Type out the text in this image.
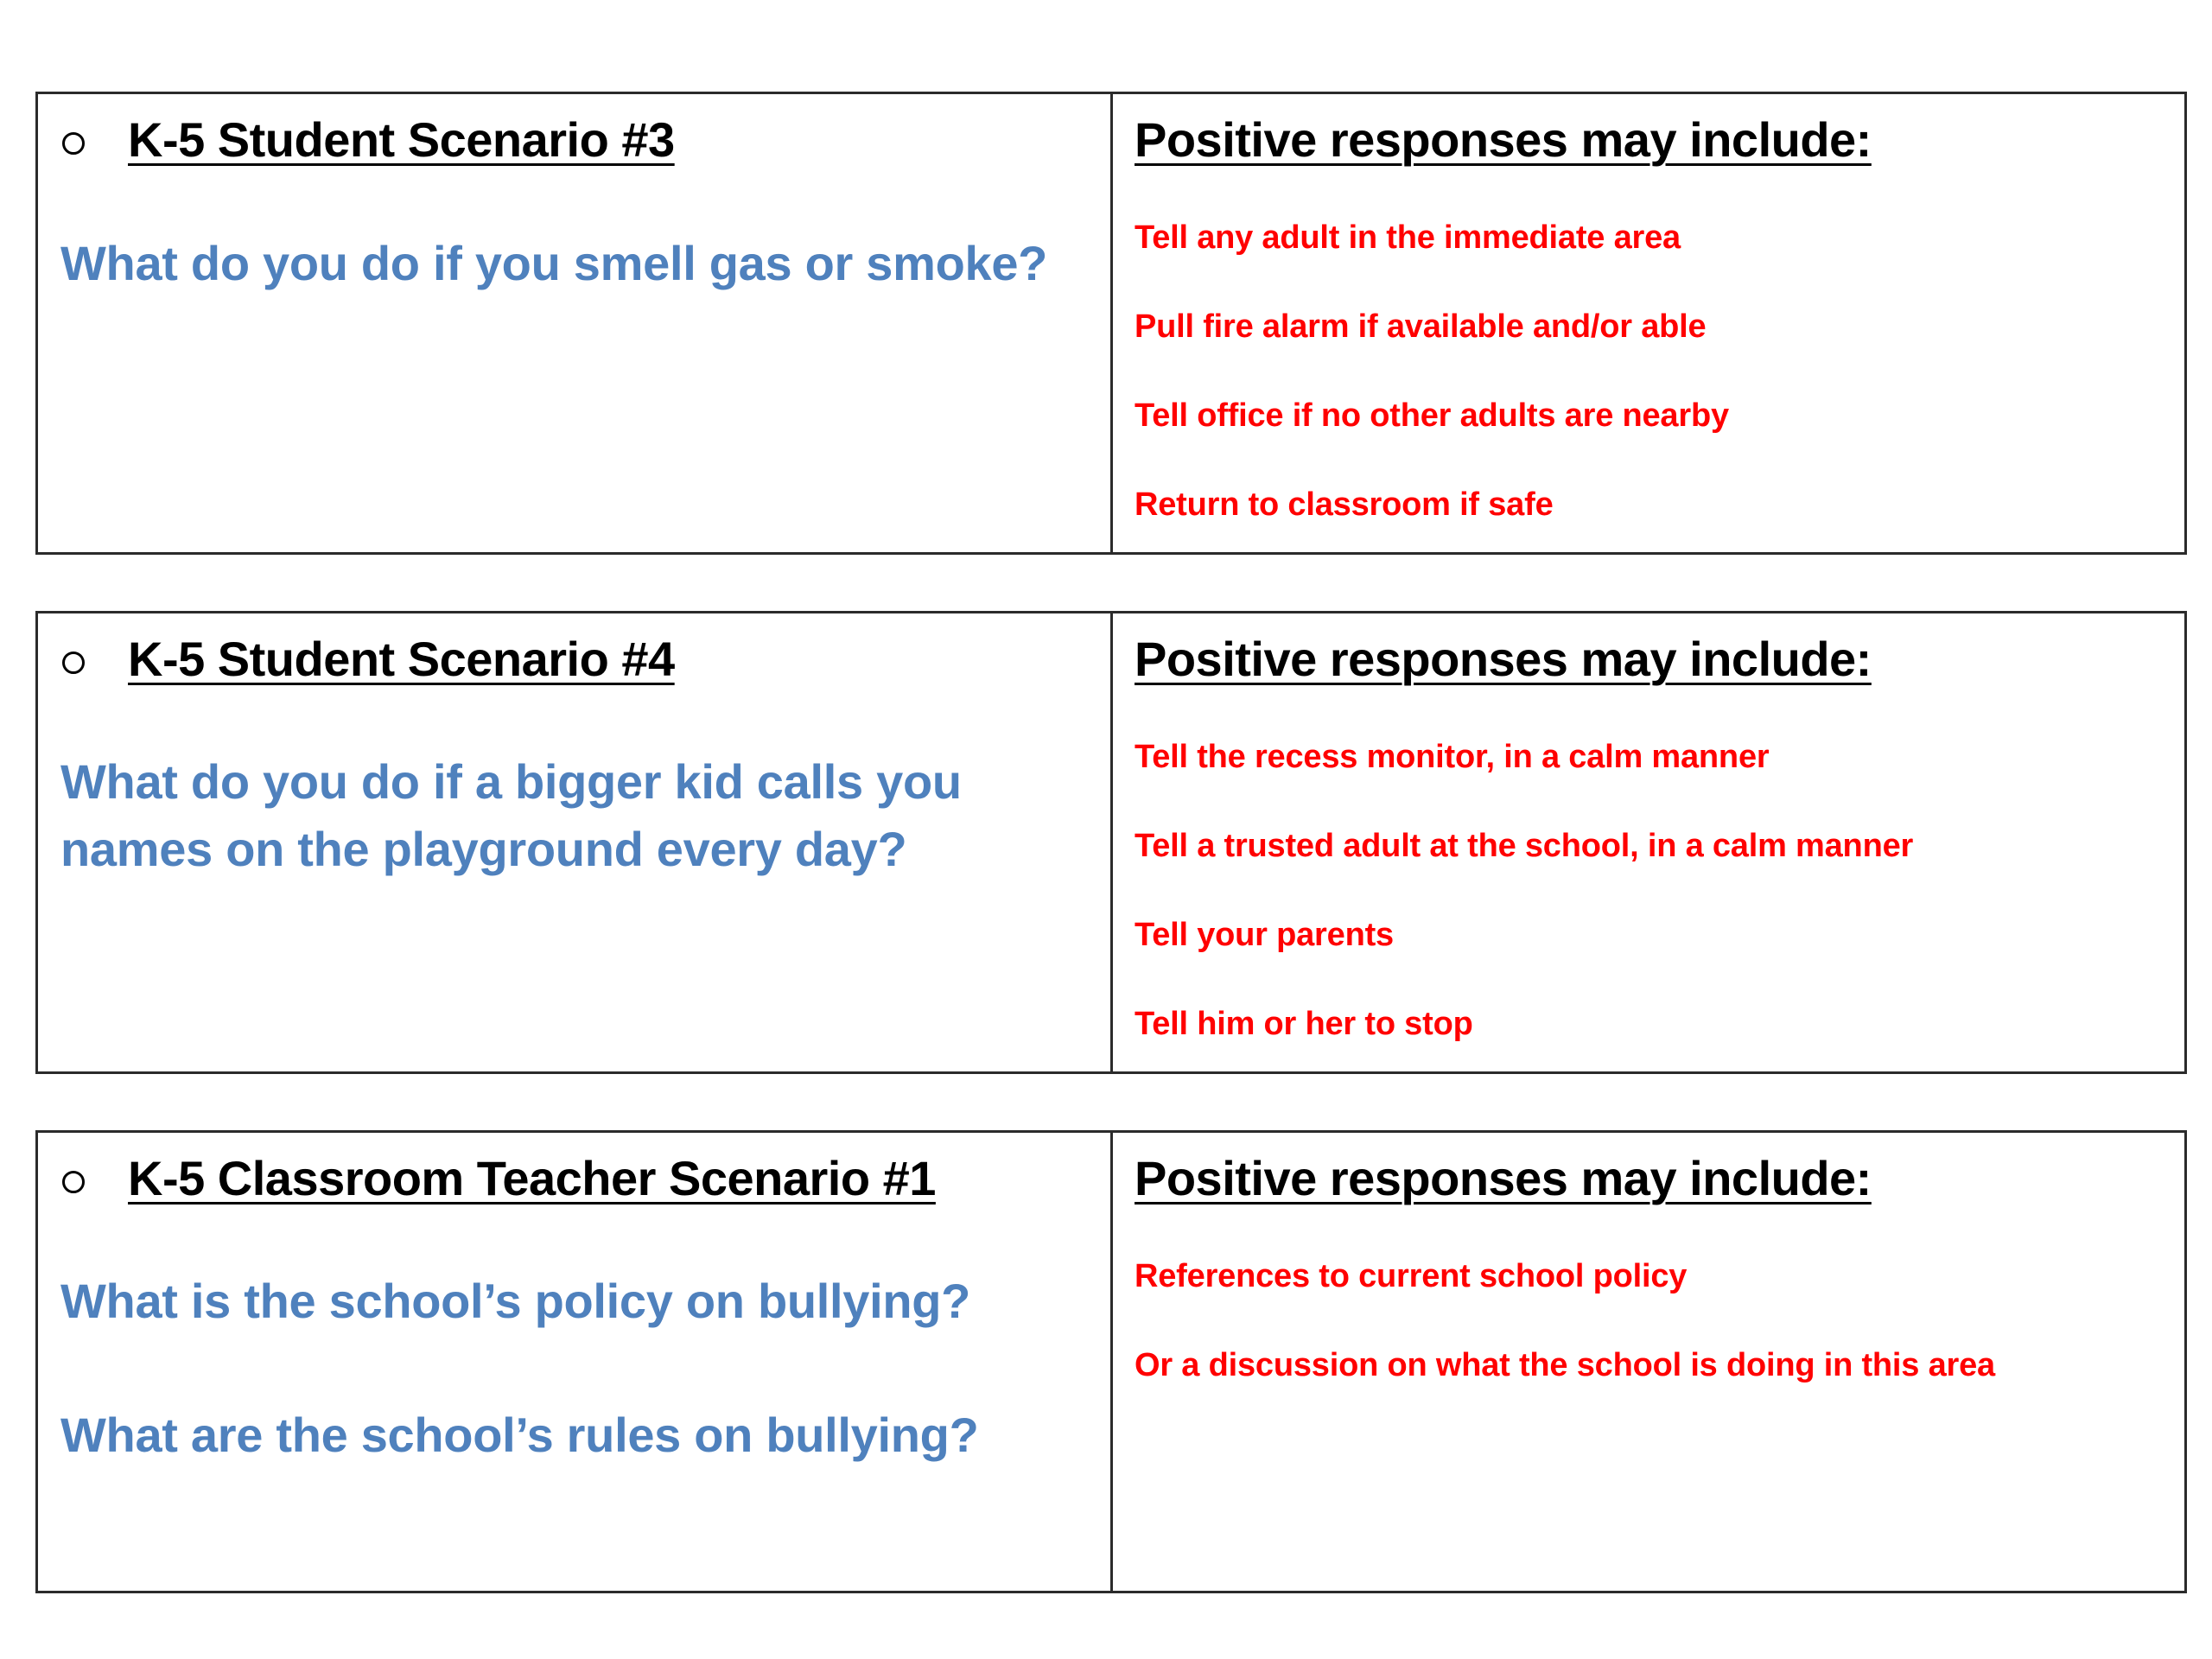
K-5 Student Scenario #3
What do you do if you smell gas or smoke?
Positive responses may include:
Tell any adult in the immediate area
Pull fire alarm if available and/or able
Tell office if no other adults are nearby
Return to classroom if safe
K-5 Student Scenario #4
What do you do if a bigger kid calls you names on the playground every day?
Positive responses may include:
Tell the recess monitor, in a calm manner
Tell a trusted adult at the school, in a calm manner
Tell your parents
Tell him or her to stop
K-5 Classroom Teacher Scenario #1
What is the school’s policy on bullying?
What are the school’s rules on bullying?
Positive responses may include:
References to current school policy
Or a discussion on what the school is doing in this area
